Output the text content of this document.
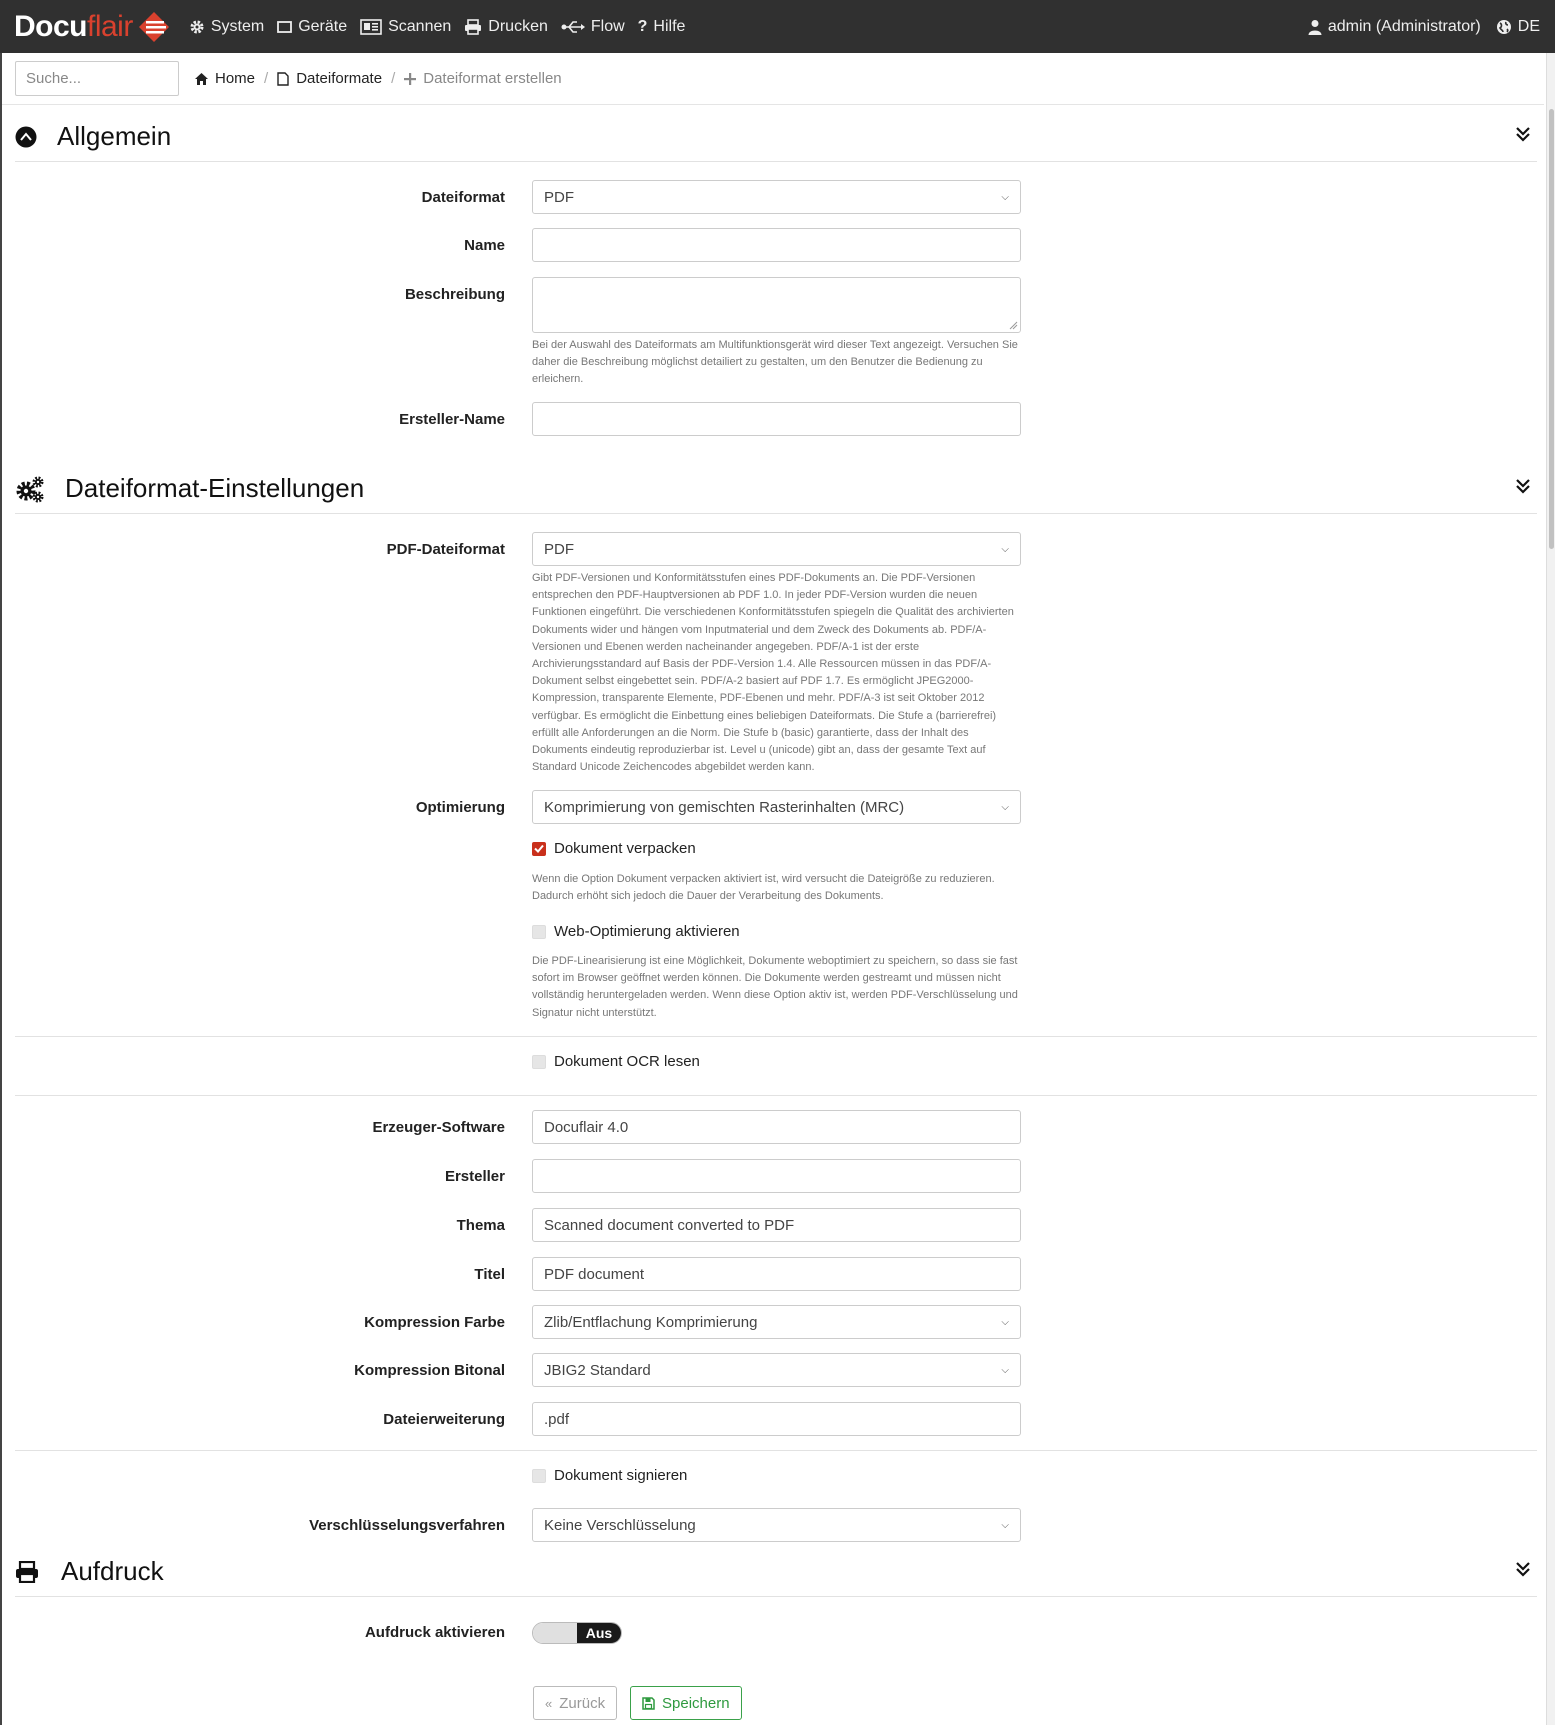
Docuflair	System Geräte	Scannen Drucken	Flow ? Hilfe	admin (Administrator) DE
Suche...
Home / Dateiformate / Dateiformat erstellen
Allgemein
Dateiformat	PDF	⌵
Name
Beschreibung
Bei der Auswahl des Dateiformats am Multifunktionsgerät wird dieser Text angezeigt. Versuchen Sie daher die Beschreibung möglichst detailiert zu gestalten, um den Benutzer die Bedienung zu erleichern.
Ersteller-Name
Dateiformat-Einstellungen
PDF-Dateiformat	PDF	⌵
Gibt PDF-Versionen und Konformitätsstufen eines PDF-Dokuments an. Die PDF-Versionen entsprechen den PDF-Hauptversionen ab PDF 1.0. In jeder PDF-Version wurden die neuen Funktionen eingeführt. Die verschiedenen Konformitätsstufen spiegeln die Qualität des archivierten Dokuments wider und hängen vom Inputmaterial und dem Zweck des Dokuments ab. PDF/A-Versionen und Ebenen werden nacheinander angegeben. PDF/A-1 ist der erste Archivierungsstandard auf Basis der PDF-Version 1.4. Alle Ressourcen müssen in das PDF/A-Dokument selbst eingebettet sein. PDF/A-2 basiert auf PDF 1.7. Es ermöglicht JPEG2000-Kompression, transparente Elemente, PDF-Ebenen und mehr. PDF/A-3 ist seit Oktober 2012 verfügbar. Es ermöglicht die Einbettung eines beliebigen Dateiformats. Die Stufe a (barrierefrei) erfüllt alle Anforderungen an die Norm. Die Stufe b (basic) garantierte, dass der Inhalt des Dokuments eindeutig reproduzierbar ist. Level u (unicode) gibt an, dass der gesamte Text auf Standard Unicode Zeichencodes abgebildet werden kann.
Optimierung	Komprimierung von gemischten Rasterinhalten (MRC)	⌵
Dokument verpacken
Wenn die Option Dokument verpacken aktiviert ist, wird versucht die Dateigröße zu reduzieren. Dadurch erhöht sich jedoch die Dauer der Verarbeitung des Dokuments.
Web-Optimierung aktivieren
Die PDF-Linearisierung ist eine Möglichkeit, Dokumente weboptimiert zu speichern, so dass sie fast sofort im Browser geöffnet werden können. Die Dokumente werden gestreamt und müssen nicht vollständig heruntergeladen werden. Wenn diese Option aktiv ist, werden PDF-Verschlüsselung und Signatur nicht unterstützt.
Dokument OCR lesen
Erzeuger-Software	Docuflair 4.0
Ersteller
Thema	Scanned document converted to PDF
Titel	PDF document
Kompression Farbe	Zlib/Entflachung Komprimierung	⌵
Kompression Bitonal	JBIG2 Standard	⌵
Dateierweiterung	.pdf
Dokument signieren
Verschlüsselungsverfahren	Keine Verschlüsselung	⌵
Aufdruck
Aufdruck aktivieren	Aus
« Zurück	Speichern
